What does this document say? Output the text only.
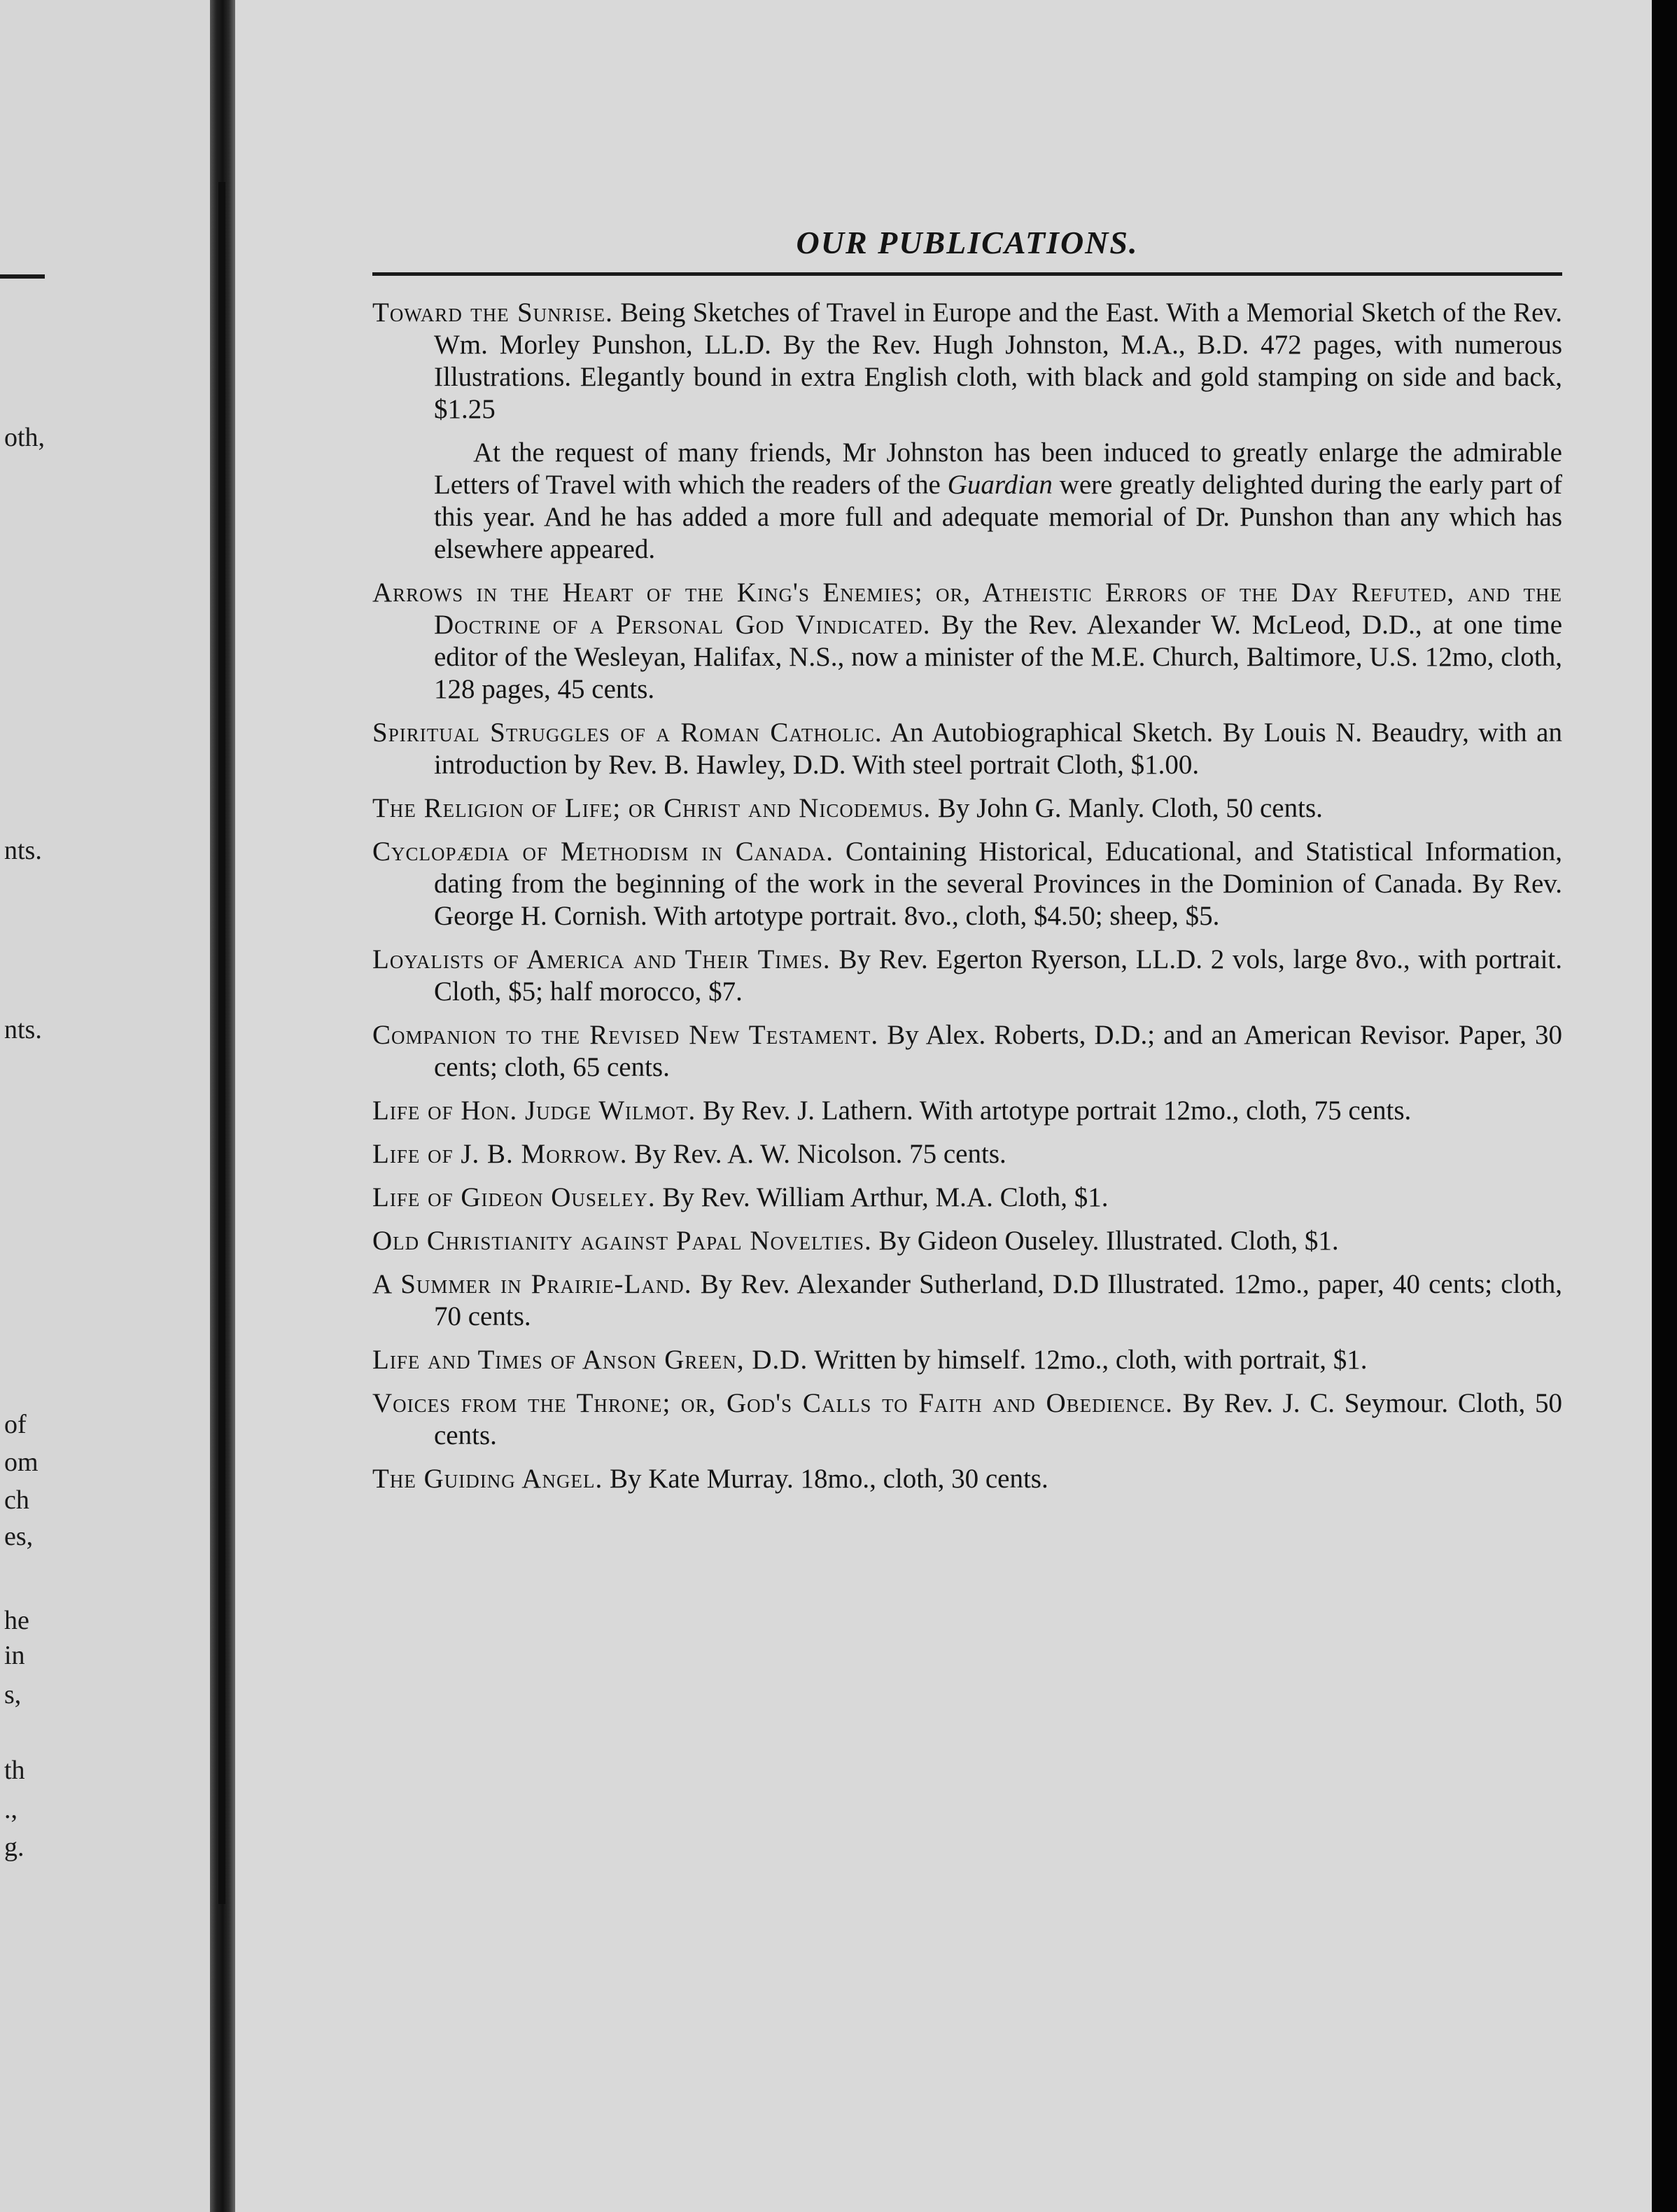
oth,
nts.
nts.
of
om
ch
es,
he
in
s,
th
.,
g.
OUR PUBLICATIONS.

Toward the Sunrise. Being Sketches of Travel in Europe and the East. With a Memorial Sketch of the Rev. Wm. Morley Punshon, LL.D. By the Rev. Hugh Johnston, M.A., B.D. 472 pages, with numerous Illustrations. Elegantly bound in extra English cloth, with black and gold stamping on side and back, $1.25

At the request of many friends, Mr Johnston has been induced to greatly enlarge the admirable Letters of Travel with which the readers of the Guardian were greatly delighted during the early part of this year. And he has added a more full and adequate memorial of Dr. Punshon than any which has elsewhere appeared.

Arrows in the Heart of the King's Enemies; or, Atheistic Errors of the Day Refuted, and the Doctrine of a Personal God Vindicated. By the Rev. Alexander W. McLeod, D.D., at one time editor of the Wesleyan, Halifax, N.S., now a minister of the M.E. Church, Baltimore, U.S. 12mo, cloth, 128 pages, 45 cents.

Spiritual Struggles of a Roman Catholic. An Autobiographical Sketch. By Louis N. Beaudry, with an introduction by Rev. B. Hawley, D.D. With steel portrait Cloth, $1.00.

The Religion of Life; or Christ and Nicodemus. By John G. Manly. Cloth, 50 cents.

Cyclopædia of Methodism in Canada. Containing Historical, Educational, and Statistical Information, dating from the beginning of the work in the several Provinces in the Dominion of Canada. By Rev. George H. Cornish. With artotype portrait. 8vo., cloth, $4.50; sheep, $5.

Loyalists of America and Their Times. By Rev. Egerton Ryerson, LL.D. 2 vols, large 8vo., with portrait. Cloth, $5; half morocco, $7.

Companion to the Revised New Testament. By Alex. Roberts, D.D.; and an American Revisor. Paper, 30 cents; cloth, 65 cents.

Life of Hon. Judge Wilmot. By Rev. J. Lathern. With artotype portrait 12mo., cloth, 75 cents.

Life of J. B. Morrow. By Rev. A. W. Nicolson. 75 cents.

Life of Gideon Ouseley. By Rev. William Arthur, M.A. Cloth, $1.

Old Christianity against Papal Novelties. By Gideon Ouseley. Illustrated. Cloth, $1.

A Summer in Prairie-Land. By Rev. Alexander Sutherland, D.D Illustrated. 12mo., paper, 40 cents; cloth, 70 cents.

Life and Times of Anson Green, D.D. Written by himself. 12mo., cloth, with portrait, $1.

Voices from the Throne; or, God's Calls to Faith and Obedience. By Rev. J. C. Seymour. Cloth, 50 cents.

The Guiding Angel. By Kate Murray. 18mo., cloth, 30 cents.
